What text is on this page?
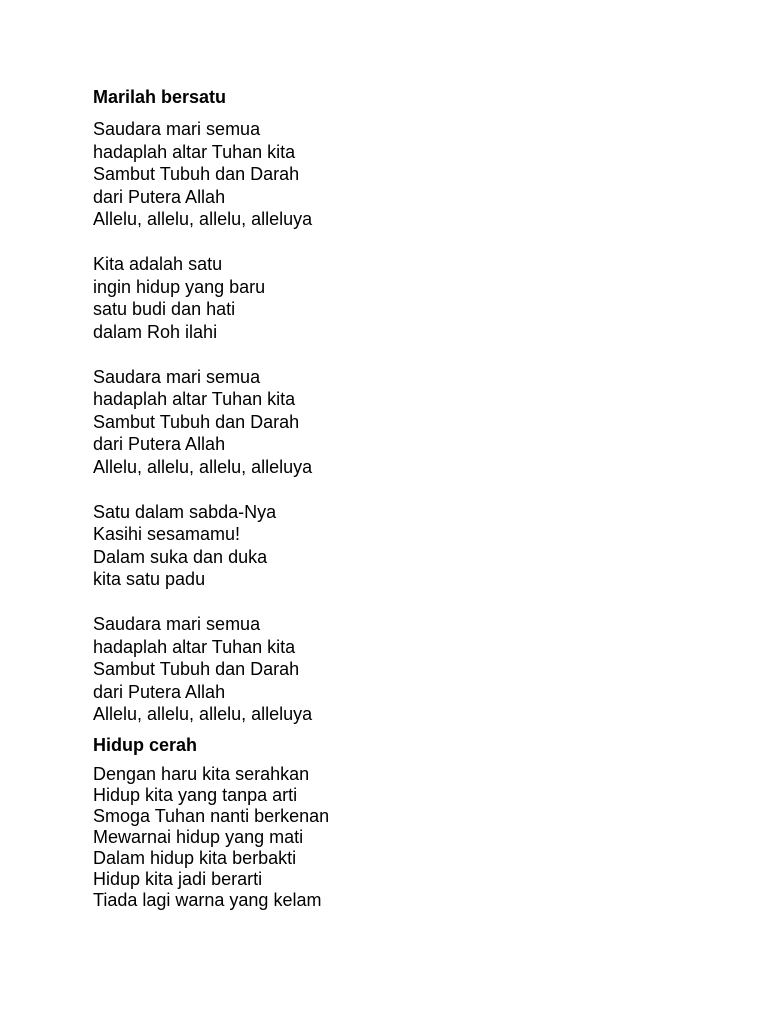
Marilah bersatu

Saudara mari semua
hadaplah altar Tuhan kita
Sambut Tubuh dan Darah
dari Putera Allah
Allelu, allelu, allelu, alleluya

Kita adalah satu
ingin hidup yang baru
satu budi dan hati
dalam Roh ilahi

Saudara mari semua
hadaplah altar Tuhan kita
Sambut Tubuh dan Darah
dari Putera Allah
Allelu, allelu, allelu, alleluya

Satu dalam sabda-Nya
Kasihi sesamamu!
Dalam suka dan duka
kita satu padu

Saudara mari semua
hadaplah altar Tuhan kita
Sambut Tubuh dan Darah
dari Putera Allah
Allelu, allelu, allelu, alleluya

Hidup cerah

Dengan haru kita serahkan
Hidup kita yang tanpa arti
Smoga Tuhan nanti berkenan
Mewarnai hidup yang mati
Dalam hidup kita berbakti
Hidup kita jadi berarti
Tiada lagi warna yang kelam
